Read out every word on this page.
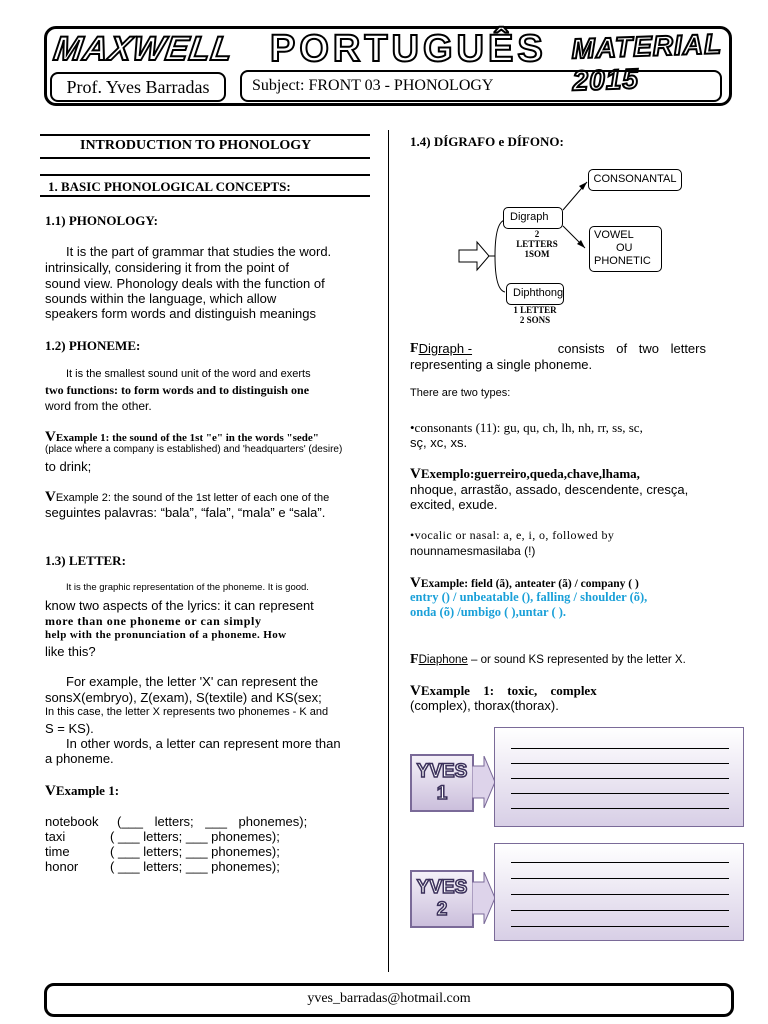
MAXWELL PORTUGUÊS MATERIAL 2015
Prof. Yves Barradas	Subject: FRONT 03 - PHONOLOGY
INTRODUCTION TO PHONOLOGY
1. BASIC PHONOLOGICAL CONCEPTS:
1.1) PHONOLOGY:
It is the part of grammar that studies the word.
intrinsically, considering it from the point of
sound view. Phonology deals with the function of
sounds within the language, which allow
speakers form words and distinguish meanings
1.2) PHONEME:
It is the smallest sound unit of the word and exerts
two functions: to form words and to distinguish one
word from the other.
VExample 1: the sound of the 1st "e" in the words "sede"
(place where a company is established) and 'headquarters' (desire)
to drink;
VExample 2: the sound of the 1st letter of each one of the
seguintes palavras: “bala”, “fala”, “mala” e “sala”.
1.3) LETTER:
It is the graphic representation of the phoneme. It is good.
know two aspects of the lyrics: it can represent
more than one phoneme or can simply
help with the pronunciation of a phoneme. How
like this?
For example, the letter 'X' can represent the
sonsX(embryo), Z(exam), S(textile) and KS(sex;
In this case, the letter X represents two phonemes - K and
S = KS).
In other words, a letter can represent more than
a phoneme.
VExample 1:
notebook (___ letters; ___ phonemes);
taxi	( ___ letters; ___ phonemes);
time	( ___ letters; ___ phonemes);
honor ( ___ letters; ___ phonemes);
1.4) DÍGRAFO e DÍFONO:
Digraph
2 LETTERS
1SOM
CONSONANTAL
VOWEL
OU
PHONETIC
Diphthong
1 LETTER
2 SONS
F Digraph -	consists of two letters
representing a single phoneme.
There are two types:
•consonants (11): gu, qu, ch, lh, nh, rr, ss, sc,
sç, xc, xs.
VExemplo:guerreiro,queda,chave,lhama,
nhoque, arrastão, assado, descendente, cresça,
excited, exude.
•vocalic or nasal: a, e, i, o, followed by
nounnamesmasilaba (!)
VExample: field (ã), anteater (ã) / company ( )
entry () / unbeatable (), falling / shoulder (õ),
onda (õ) /umbigo ( ),untar ( ).
FDiaphone – or sound KS represented by the letter X.
VExample 1: toxic, complex
(complex), thorax(thorax).
YVES
1
YVES
2
yves_barradas@hotmail.com
